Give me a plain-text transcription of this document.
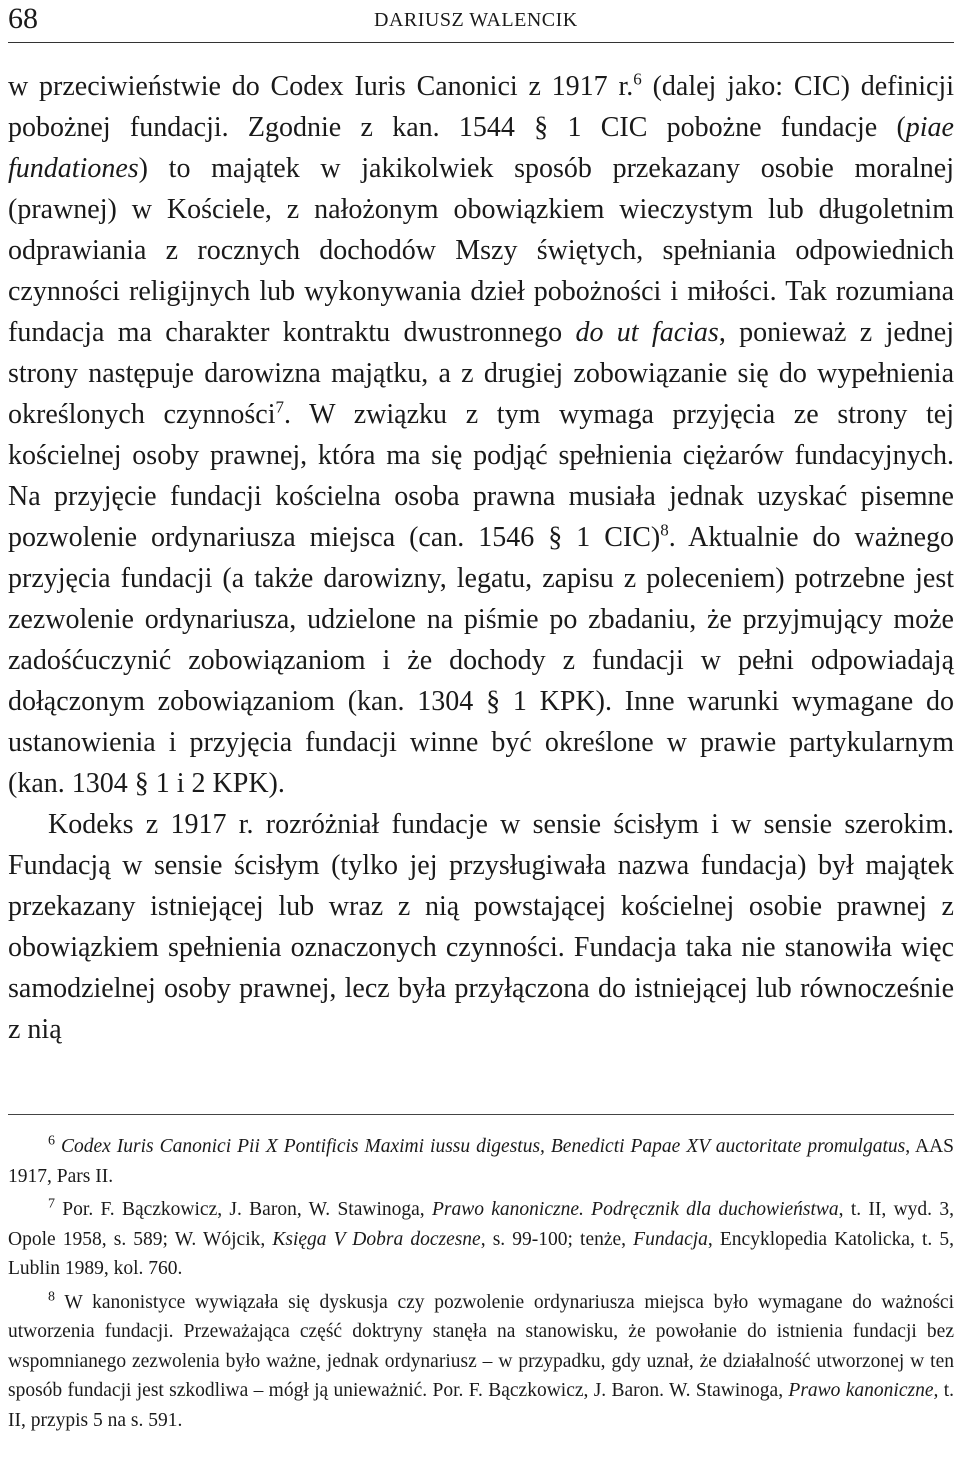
68	DARIUSZ WALENCIK

w przeciwieństwie do Codex Iuris Canonici z 1917 r.$^6$ (dalej jako: CIC) definicji pobożnej fundacji. Zgodnie z kan. 1544 § 1 CIC pobożne fundacje (piae fundationes) to majątek w jakikolwiek sposób przekazany osobie moralnej (prawnej) w Kościele, z nałożonym obowiązkiem wieczystym lub długoletnim odprawiania z rocznych dochodów Mszy świętych, spełniania odpowiednich czynności religijnych lub wykonywania dzieł pobożności i miłości. Tak rozumiana fundacja ma charakter kontraktu dwustronnego do ut facias, ponieważ z jednej strony następuje darowizna majątku, a z drugiej zobowiązanie się do wypełnienia określonych czynności$^7$. W związku z tym wymaga przyjęcia ze strony tej kościelnej osoby prawnej, która ma się podjąć spełnienia ciężarów fundacyjnych. Na przyjęcie fundacji kościelna osoba prawna musiała jednak uzyskać pisemne pozwolenie ordynariusza miejsca (can. 1546 § 1 CIC)$^8$. Aktualnie do ważnego przyjęcia fundacji (a także darowizny, legatu, zapisu z poleceniem) potrzebne jest zezwolenie ordynariusza, udzielone na piśmie po zbadaniu, że przyjmujący może zadośćuczynić zobowiązaniom i że dochody z fundacji w pełni odpowiadają dołączonym zobowiązaniom (kan. 1304 § 1 KPK). Inne warunki wymagane do ustanowienia i przyjęcia fundacji winne być określone w prawie partykularnym (kan. 1304 § 1 i 2 KPK).

Kodeks z 1917 r. rozróżniał fundacje w sensie ścisłym i w sensie szerokim. Fundacją w sensie ścisłym (tylko jej przysługiwała nazwa fundacja) był majątek przekazany istniejącej lub wraz z nią powstającej kościelnej osobie prawnej z obowiązkiem spełnienia oznaczonych czynności. Fundacja taka nie stanowiła więc samodzielnej osoby prawnej, lecz była przyłączona do istniejącej lub równocześnie z nią

$^6$ Codex Iuris Canonici Pii X Pontificis Maximi iussu digestus, Benedicti Papae XV auctoritate promulgatus, AAS 1917, Pars II.

$^7$ Por. F. Bączkowicz, J. Baron, W. Stawinoga, Prawo kanoniczne. Podręcznik dla duchowieństwa, t. II, wyd. 3, Opole 1958, s. 589; W. Wójcik, Księga V Dobra doczesne, s. 99-100; tenże, Fundacja, Encyklopedia Katolicka, t. 5, Lublin 1989, kol. 760.

$^8$ W kanonistyce wywiązała się dyskusja czy pozwolenie ordynariusza miejsca było wymagane do ważności utworzenia fundacji. Przeważająca część doktryny stanęła na stanowisku, że powołanie do istnienia fundacji bez wspomnianego zezwolenia było ważne, jednak ordynariusz – w przypadku, gdy uznał, że działalność utworzonej w ten sposób fundacji jest szkodliwa – mógł ją unieważnić. Por. F. Bączkowicz, J. Baron. W. Stawinoga, Prawo kanoniczne, t. II, przypis 5 na s. 591.
